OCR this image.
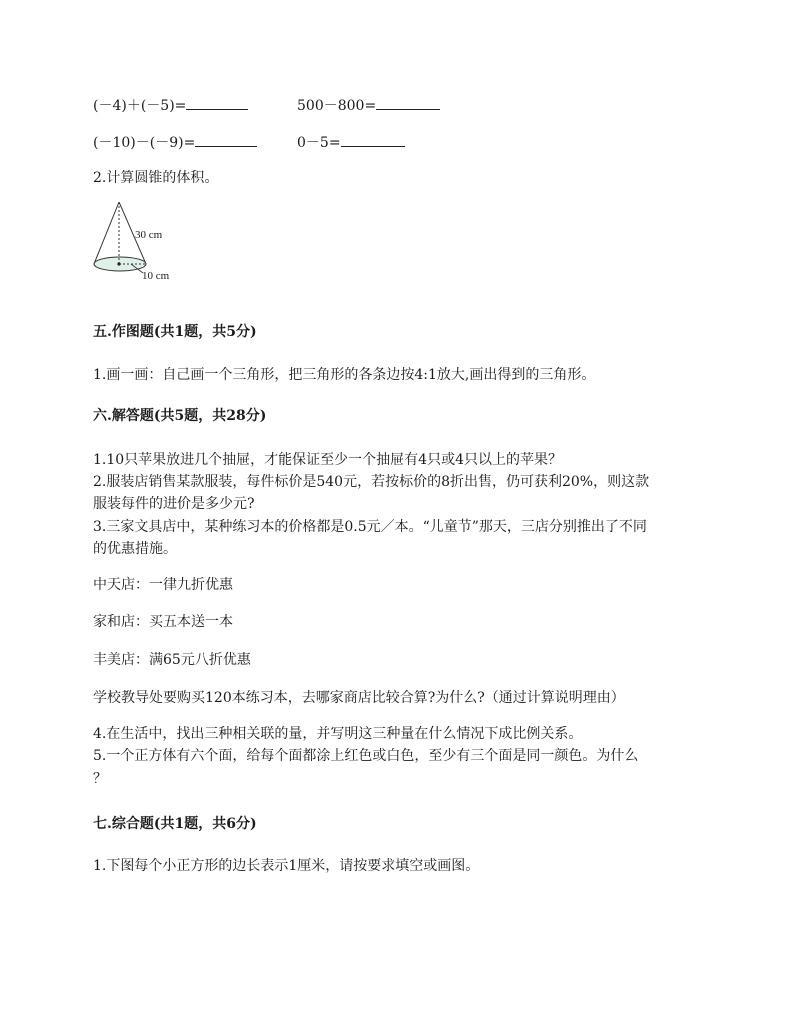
(－4)＋(－5)=	500－800=
(－10)－(－9)=	0－5=
2.计算圆锥的体积。
30 cm
10 cm
五.作图题(共1题，共5分)
1.画一画：自己画一个三角形，把三角形的各条边按4:1放大,画出得到的三角形。
六.解答题(共5题，共28分)
1.10只苹果放进几个抽屉，才能保证至少一个抽屉有4只或4只以上的苹果？
2.服装店销售某款服装，每件标价是540元，若按标价的8折出售，仍可获利20%，则这款
服装每件的进价是多少元?
3.三家文具店中，某种练习本的价格都是0.5元／本。“儿童节”那天，三店分别推出了不同
的优惠措施。
中天店：一律九折优惠
家和店：买五本送一本
丰美店：满65元八折优惠
学校教导处要购买120本练习本，去哪家商店比较合算?为什么?（通过计算说明理由）
4.在生活中，找出三种相关联的量，并写明这三种量在什么情况下成比例关系。
5.一个正方体有六个面，给每个面都涂上红色或白色，至少有三个面是同一颜色。为什么
？
七.综合题(共1题，共6分)
1.下图每个小正方形的边长表示1厘米，请按要求填空或画图。
